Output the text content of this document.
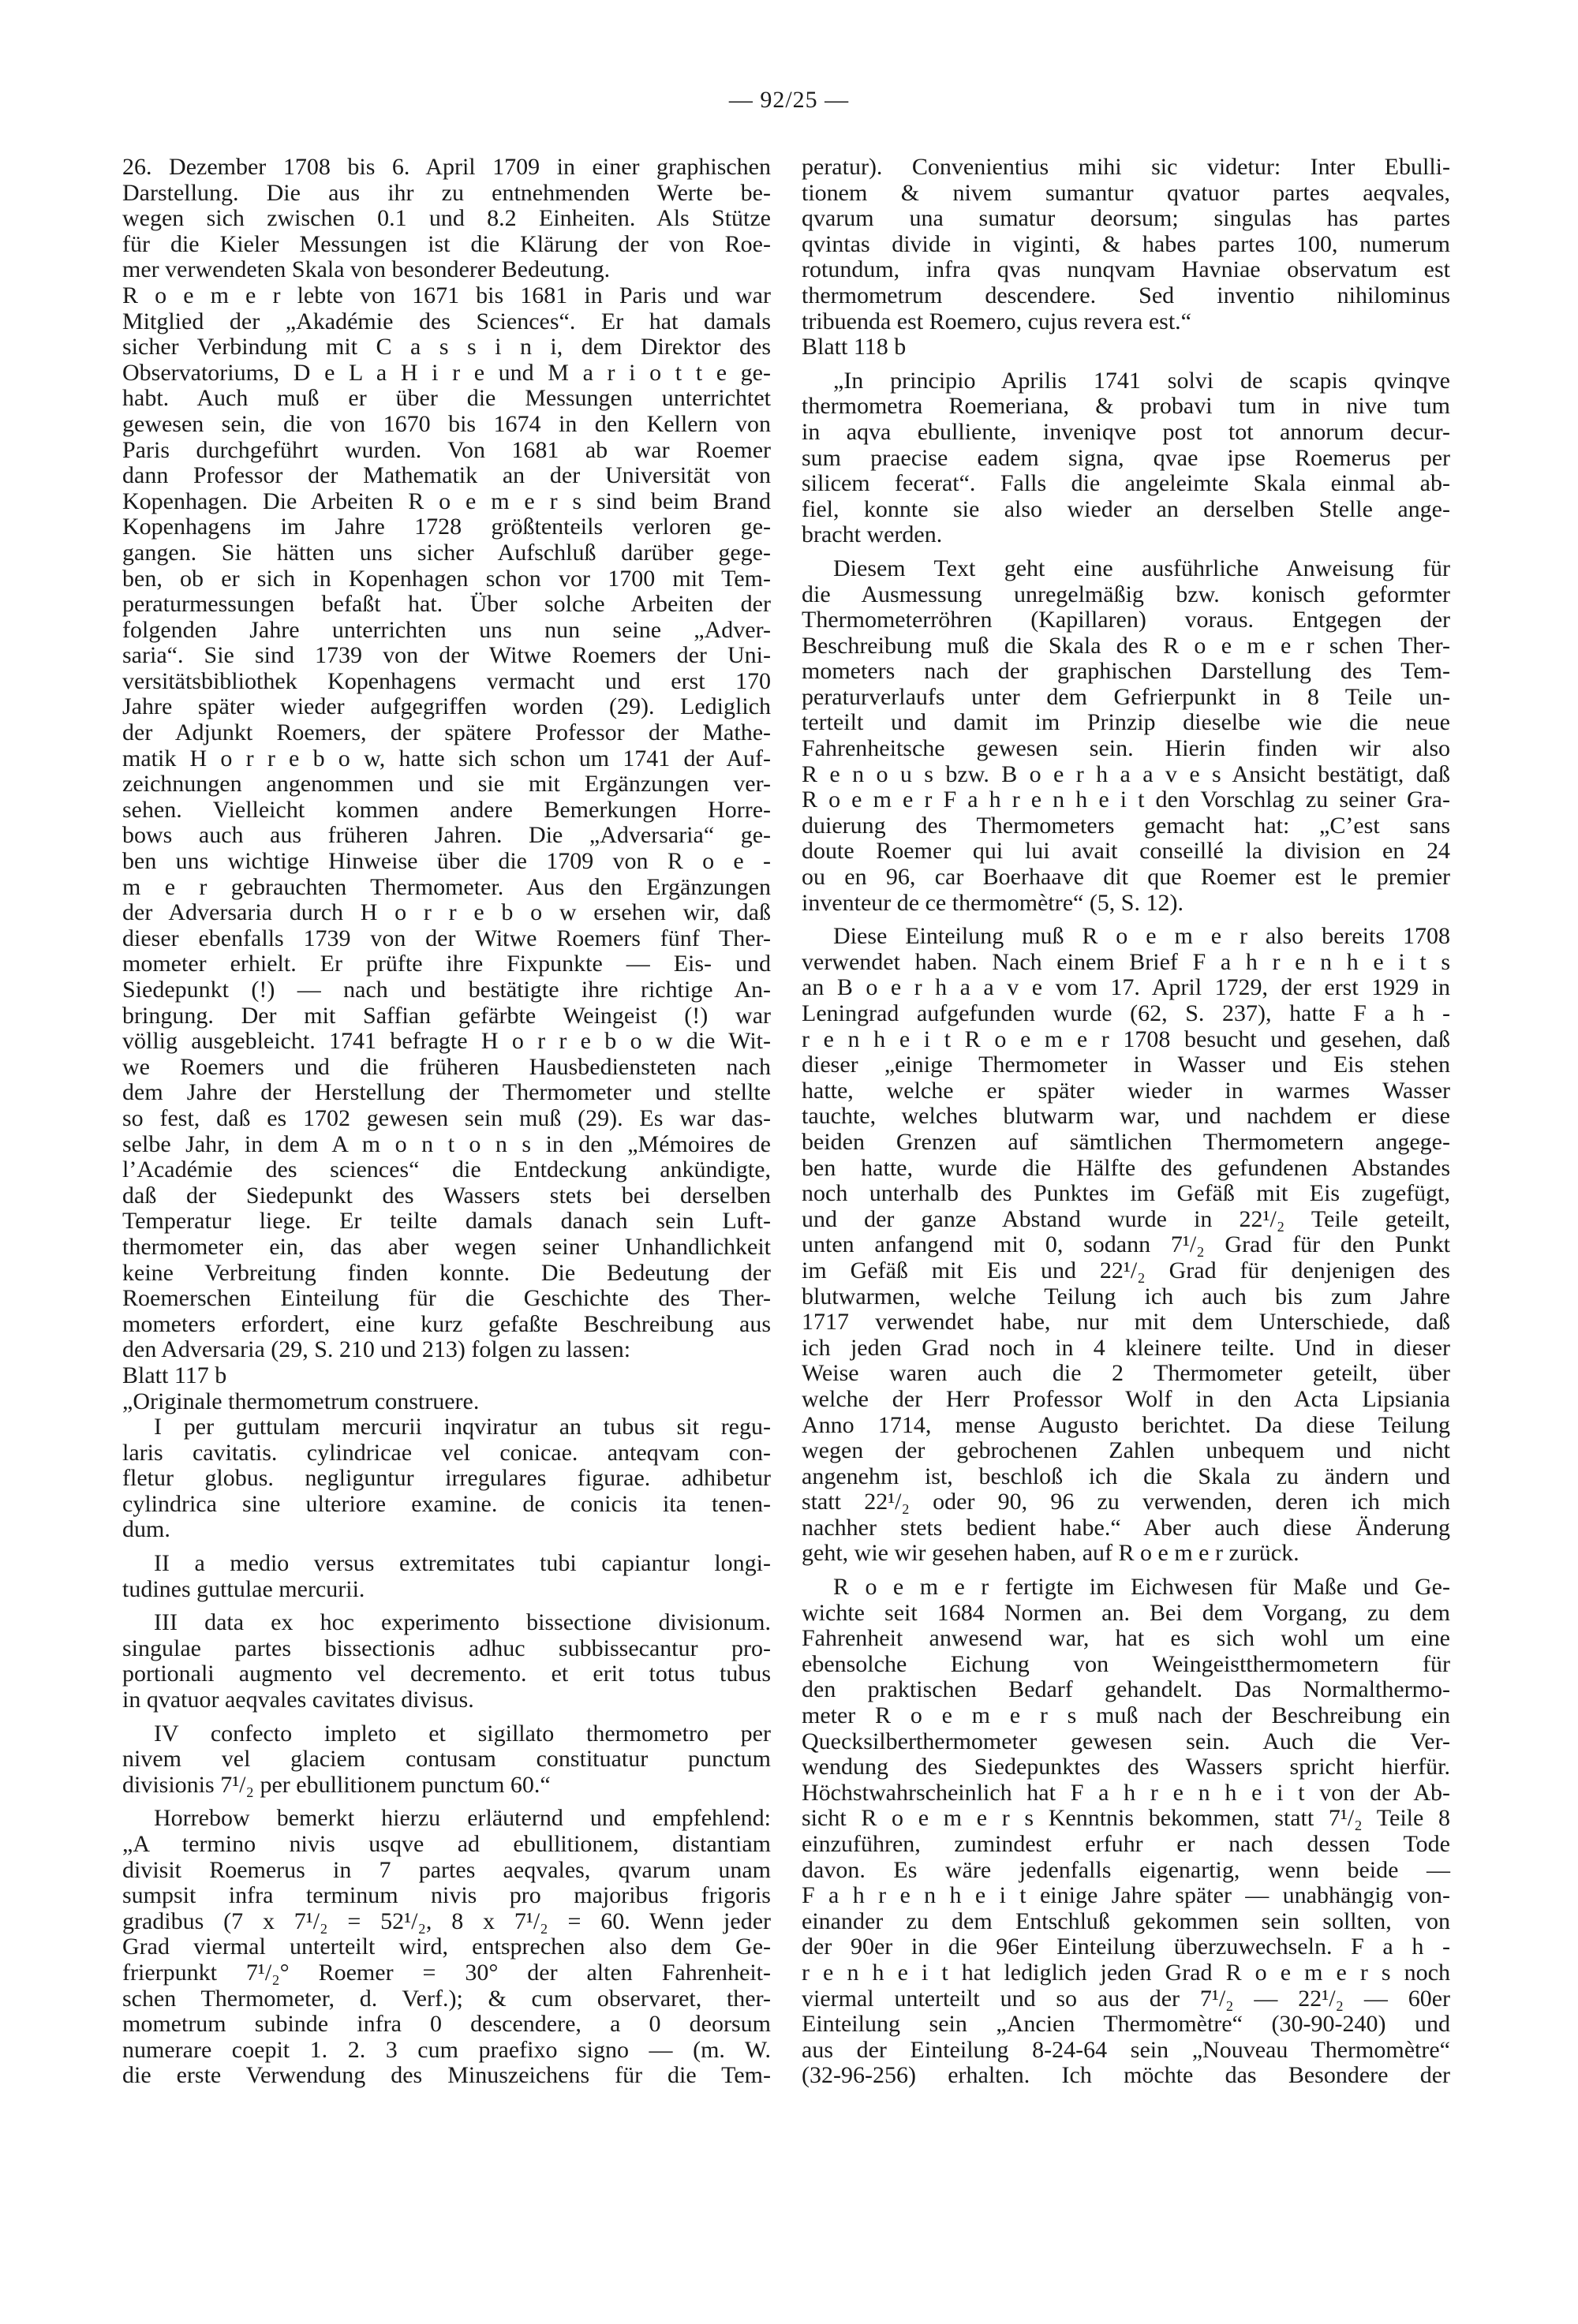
— 92/25 —
26. Dezember 1708 bis 6. April 1709 in einer graphischen
Darstellung. Die aus ihr zu entnehmenden Werte be-
wegen sich zwischen 0.1 und 8.2 Einheiten. Als Stütze
für die Kieler Messungen ist die Klärung der von Roe-
mer verwendeten Skala von besonderer Bedeutung.
R o e m e r lebte von 1671 bis 1681 in Paris und war
Mitglied der „Akadémie des Sciences“. Er hat damals
sicher Verbindung mit C a s s i n i, dem Direktor des
Observatoriums, D e L a H i r e und M a r i o t t e ge-
habt. Auch muß er über die Messungen unterrichtet
gewesen sein, die von 1670 bis 1674 in den Kellern von
Paris durchgeführt wurden. Von 1681 ab war Roemer
dann Professor der Mathematik an der Universität von
Kopenhagen. Die Arbeiten R o e m e r s sind beim Brand
Kopenhagens im Jahre 1728 größtenteils verloren ge-
gangen. Sie hätten uns sicher Aufschluß darüber gege-
ben, ob er sich in Kopenhagen schon vor 1700 mit Tem-
peraturmessungen befaßt hat. Über solche Arbeiten der
folgenden Jahre unterrichten uns nun seine „Adver-
saria“. Sie sind 1739 von der Witwe Roemers der Uni-
versitätsbibliothek Kopenhagens vermacht und erst 170
Jahre später wieder aufgegriffen worden (29). Lediglich
der Adjunkt Roemers, der spätere Professor der Mathe-
matik H o r r e b o w, hatte sich schon um 1741 der Auf-
zeichnungen angenommen und sie mit Ergänzungen ver-
sehen. Vielleicht kommen andere Bemerkungen Horre-
bows auch aus früheren Jahren. Die „Adversaria“ ge-
ben uns wichtige Hinweise über die 1709 von R o e -
m e r gebrauchten Thermometer. Aus den Ergänzungen
der Adversaria durch H o r r e b o w ersehen wir, daß
dieser ebenfalls 1739 von der Witwe Roemers fünf Ther-
mometer erhielt. Er prüfte ihre Fixpunkte — Eis- und
Siedepunkt (!) — nach und bestätigte ihre richtige An-
bringung. Der mit Saffian gefärbte Weingeist (!) war
völlig ausgebleicht. 1741 befragte H o r r e b o w die Wit-
we Roemers und die früheren Hausbediensteten nach
dem Jahre der Herstellung der Thermometer und stellte
so fest, daß es 1702 gewesen sein muß (29). Es war das-
selbe Jahr, in dem A m o n t o n s in den „Mémoires de
l’Académie des sciences“ die Entdeckung ankündigte,
daß der Siedepunkt des Wassers stets bei derselben
Temperatur liege. Er teilte damals danach sein Luft-
thermometer ein, das aber wegen seiner Unhandlichkeit
keine Verbreitung finden konnte. Die Bedeutung der
Roemerschen Einteilung für die Geschichte des Ther-
mometers erfordert, eine kurz gefaßte Beschreibung aus
den Adversaria (29, S. 210 und 213) folgen zu lassen:
Blatt 117 b
„Originale thermometrum construere.
I per guttulam mercurii inqviratur an tubus sit regu-
laris cavitatis. cylindricae vel conicae. anteqvam con-
fletur globus. negliguntur irregulares figurae. adhibetur
cylindrica sine ulteriore examine. de conicis ita tenen-
dum.
II a medio versus extremitates tubi capiantur longi-
tudines guttulae mercurii.
III data ex hoc experimento bissectione divisionum.
singulae partes bissectionis adhuc subbissecantur pro-
portionali augmento vel decremento. et erit totus tubus
in qvatuor aeqvales cavitates divisus.
IV confecto impleto et sigillato thermometro per
nivem vel glaciem contusam constituatur punctum
divisionis 7¹/₂ per ebullitionem punctum 60.“
Horrebow bemerkt hierzu erläuternd und empfehlend:
„A termino nivis usqve ad ebullitionem, distantiam
divisit Roemerus in 7 partes aeqvales, qvarum unam
sumpsit infra terminum nivis pro majoribus frigoris
gradibus (7 x 7¹/₂ = 52¹/₂, 8 x 7¹/₂ = 60. Wenn jeder
Grad viermal unterteilt wird, entsprechen also dem Ge-
frierpunkt 7¹/₂° Roemer = 30° der alten Fahrenheit-
schen Thermometer, d. Verf.); & cum observaret, ther-
mometrum subinde infra 0 descendere, a 0 deorsum
numerare coepit 1. 2. 3 cum praefixo signo — (m. W.
die erste Verwendung des Minuszeichens für die Tem-
peratur). Convenientius mihi sic videtur: Inter Ebulli-
tionem & nivem sumantur qvatuor partes aeqvales,
qvarum una sumatur deorsum; singulas has partes
qvintas divide in viginti, & habes partes 100, numerum
rotundum, infra qvas nunqvam Havniae observatum est
thermometrum descendere. Sed inventio nihilominus
tribuenda est Roemero, cujus revera est.“
Blatt 118 b
„In principio Aprilis 1741 solvi de scapis qvinqve
thermometra Roemeriana, & probavi tum in nive tum
in aqva ebulliente, inveniqve post tot annorum decur-
sum praecise eadem signa, qvae ipse Roemerus per
silicem fecerat“. Falls die angeleimte Skala einmal ab-
fiel, konnte sie also wieder an derselben Stelle ange-
bracht werden.
Diesem Text geht eine ausführliche Anweisung für
die Ausmessung unregelmäßig bzw. konisch geformter
Thermometerröhren (Kapillaren) voraus. Entgegen der
Beschreibung muß die Skala des R o e m e r schen Ther-
mometers nach der graphischen Darstellung des Tem-
peraturverlaufs unter dem Gefrierpunkt in 8 Teile un-
terteilt und damit im Prinzip dieselbe wie die neue
Fahrenheitsche gewesen sein. Hierin finden wir also
R e n o u s bzw. B o e r h a a v e s Ansicht bestätigt, daß
R o e m e r F a h r e n h e i t den Vorschlag zu seiner Gra-
duierung des Thermometers gemacht hat: „C’est sans
doute Roemer qui lui avait conseillé la division en 24
ou en 96, car Boerhaave dit que Roemer est le premier
inventeur de ce thermomètre“ (5, S. 12).
Diese Einteilung muß R o e m e r also bereits 1708
verwendet haben. Nach einem Brief F a h r e n h e i t s
an B o e r h a a v e vom 17. April 1729, der erst 1929 in
Leningrad aufgefunden wurde (62, S. 237), hatte F a h -
r e n h e i t R o e m e r 1708 besucht und gesehen, daß
dieser „einige Thermometer in Wasser und Eis stehen
hatte, welche er später wieder in warmes Wasser
tauchte, welches blutwarm war, und nachdem er diese
beiden Grenzen auf sämtlichen Thermometern angege-
ben hatte, wurde die Hälfte des gefundenen Abstandes
noch unterhalb des Punktes im Gefäß mit Eis zugefügt,
und der ganze Abstand wurde in 22¹/₂ Teile geteilt,
unten anfangend mit 0, sodann 7¹/₂ Grad für den Punkt
im Gefäß mit Eis und 22¹/₂ Grad für denjenigen des
blutwarmen, welche Teilung ich auch bis zum Jahre
1717 verwendet habe, nur mit dem Unterschiede, daß
ich jeden Grad noch in 4 kleinere teilte. Und in dieser
Weise waren auch die 2 Thermometer geteilt, über
welche der Herr Professor Wolf in den Acta Lipsiania
Anno 1714, mense Augusto berichtet. Da diese Teilung
wegen der gebrochenen Zahlen unbequem und nicht
angenehm ist, beschloß ich die Skala zu ändern und
statt 22¹/₂ oder 90, 96 zu verwenden, deren ich mich
nachher stets bedient habe.“ Aber auch diese Änderung
geht, wie wir gesehen haben, auf R o e m e r zurück.
R o e m e r fertigte im Eichwesen für Maße und Ge-
wichte seit 1684 Normen an. Bei dem Vorgang, zu dem
Fahrenheit anwesend war, hat es sich wohl um eine
ebensolche Eichung von Weingeistthermometern für
den praktischen Bedarf gehandelt. Das Normalthermo-
meter R o e m e r s muß nach der Beschreibung ein
Quecksilberthermometer gewesen sein. Auch die Ver-
wendung des Siedepunktes des Wassers spricht hierfür.
Höchstwahrscheinlich hat F a h r e n h e i t von der Ab-
sicht R o e m e r s Kenntnis bekommen, statt 7¹/₂ Teile 8
einzuführen, zumindest erfuhr er nach dessen Tode
davon. Es wäre jedenfalls eigenartig, wenn beide —
F a h r e n h e i t einige Jahre später — unabhängig von-
einander zu dem Entschluß gekommen sein sollten, von
der 90er in die 96er Einteilung überzuwechseln. F a h -
r e n h e i t hat lediglich jeden Grad R o e m e r s noch
viermal unterteilt und so aus der 7¹/₂ — 22¹/₂ — 60er
Einteilung sein „Ancien Thermomètre“ (30-90-240) und
aus der Einteilung 8-24-64 sein „Nouveau Thermomètre“
(32-96-256) erhalten. Ich möchte das Besondere der
